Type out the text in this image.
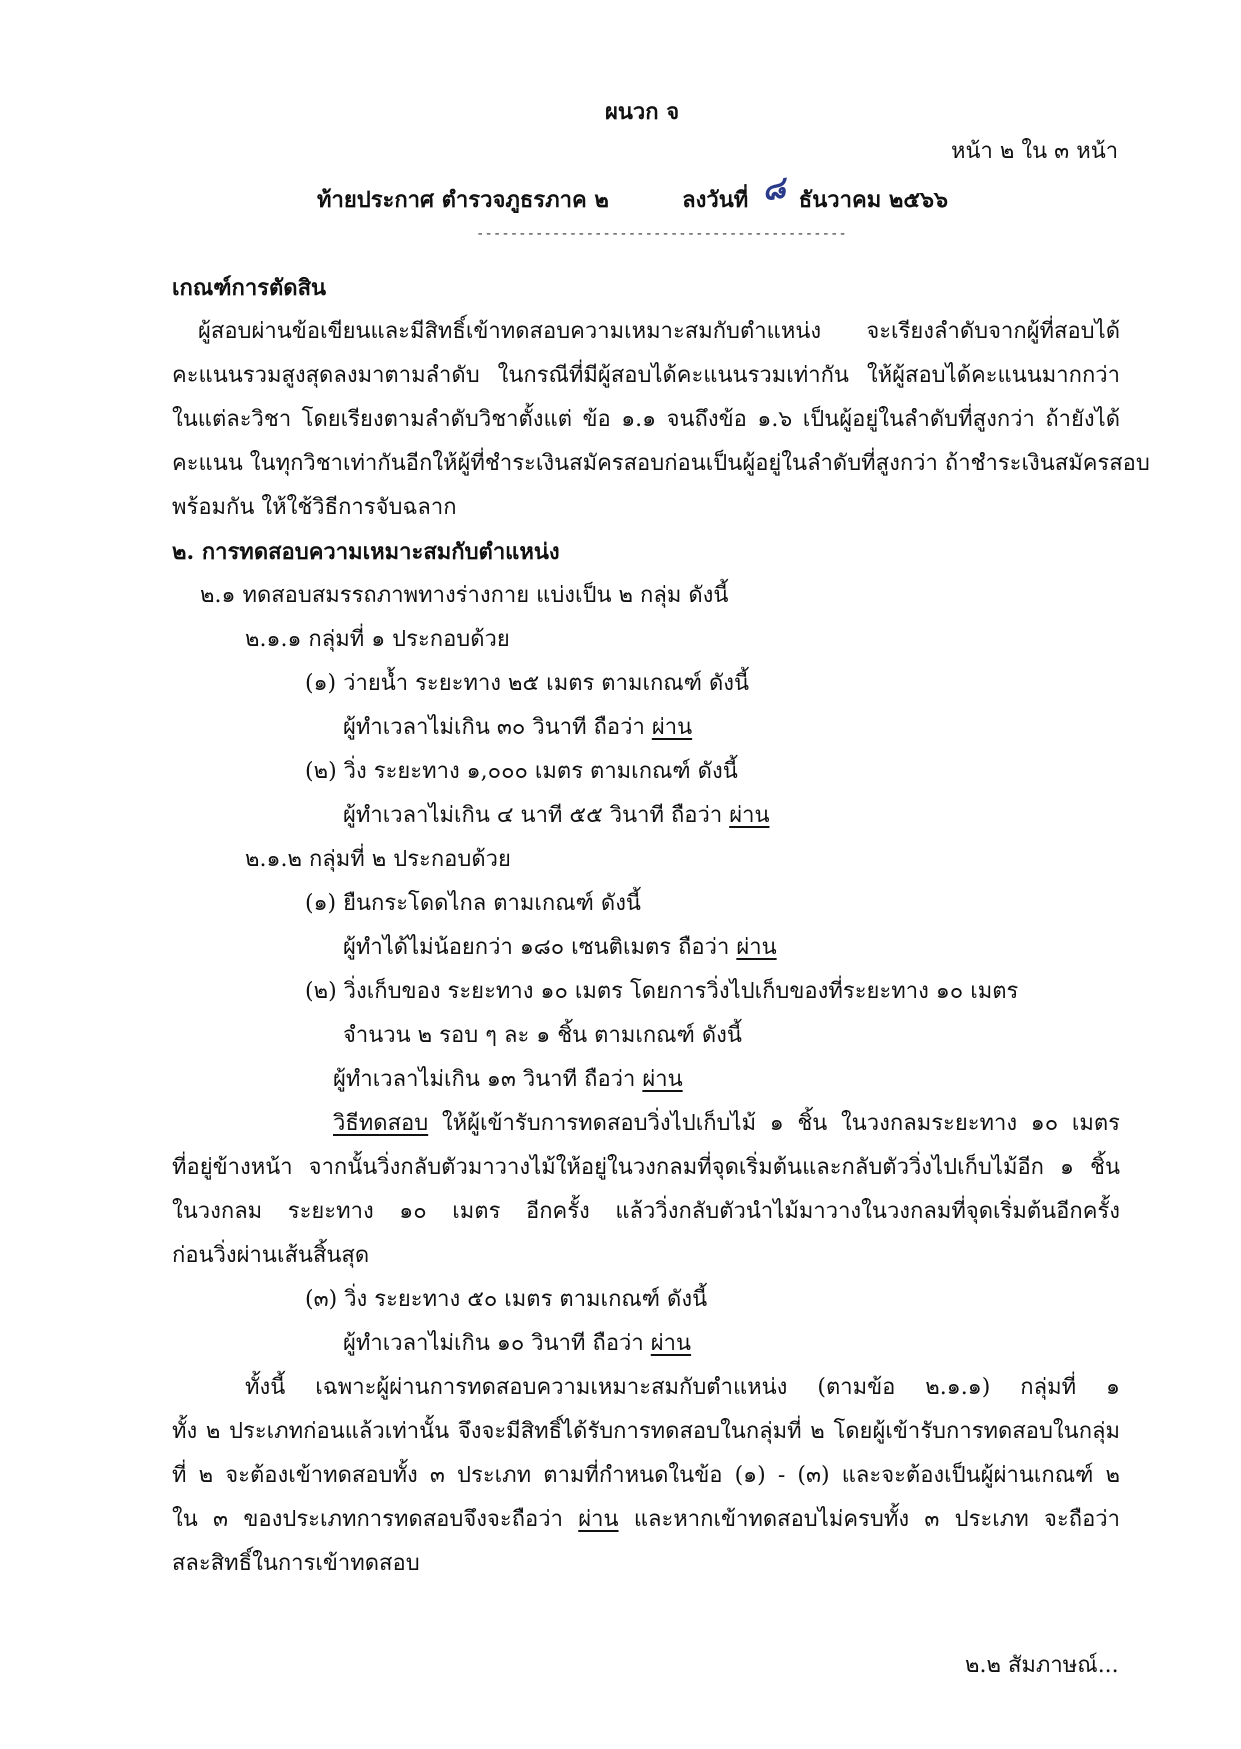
ผนวก จ
หน้า ๒ ใน ๓ หน้า
ท้ายประกาศ ตำรวจภูธรภาค ๒	ลงวันที่ ๘ ธันวาคม ๒๕๖๖
--------------------------------------------
เกณฑ์การตัดสิน
ผู้สอบผ่านข้อเขียนและมีสิทธิ์เข้าทดสอบความเหมาะสมกับตำแหน่ง จะเรียงลำดับจากผู้ที่สอบได้
คะแนนรวมสูงสุดลงมาตามลำดับ ในกรณีที่มีผู้สอบได้คะแนนรวมเท่ากัน ให้ผู้สอบได้คะแนนมากกว่า
ในแต่ละวิชา โดยเรียงตามลำดับวิชาตั้งแต่ ข้อ ๑.๑ จนถึงข้อ ๑.๖ เป็นผู้อยู่ในลำดับที่สูงกว่า ถ้ายังได้
คะแนน ในทุกวิชาเท่ากันอีกให้ผู้ที่ชำระเงินสมัครสอบก่อนเป็นผู้อยู่ในลำดับที่สูงกว่า ถ้าชำระเงินสมัครสอบ
พร้อมกัน ให้ใช้วิธีการจับฉลาก
๒. การทดสอบความเหมาะสมกับตำแหน่ง
๒.๑ ทดสอบสมรรถภาพทางร่างกาย แบ่งเป็น ๒ กลุ่ม ดังนี้
๒.๑.๑ กลุ่มที่ ๑ ประกอบด้วย
(๑) ว่ายน้ำ ระยะทาง ๒๕ เมตร ตามเกณฑ์ ดังนี้
ผู้ทำเวลาไม่เกิน ๓๐ วินาที ถือว่า ผ่าน
(๒) วิ่ง ระยะทาง ๑,๐๐๐ เมตร ตามเกณฑ์ ดังนี้
ผู้ทำเวลาไม่เกิน ๔ นาที ๕๕ วินาที ถือว่า ผ่าน
๒.๑.๒ กลุ่มที่ ๒ ประกอบด้วย
(๑) ยืนกระโดดไกล ตามเกณฑ์ ดังนี้
ผู้ทำได้ไม่น้อยกว่า ๑๘๐ เซนติเมตร ถือว่า ผ่าน
(๒) วิ่งเก็บของ ระยะทาง ๑๐ เมตร โดยการวิ่งไปเก็บของที่ระยะทาง ๑๐ เมตร
จำนวน ๒ รอบ ๆ ละ ๑ ชิ้น ตามเกณฑ์ ดังนี้
ผู้ทำเวลาไม่เกิน ๑๓ วินาที ถือว่า ผ่าน
วิธีทดสอบ ให้ผู้เข้ารับการทดสอบวิ่งไปเก็บไม้ ๑ ชิ้น ในวงกลมระยะทาง ๑๐ เมตร
ที่อยู่ข้างหน้า จากนั้นวิ่งกลับตัวมาวางไม้ให้อยู่ในวงกลมที่จุดเริ่มต้นและกลับตัววิ่งไปเก็บไม้อีก ๑ ชิ้น
ในวงกลม ระยะทาง ๑๐ เมตร อีกครั้ง แล้ววิ่งกลับตัวนำไม้มาวางในวงกลมที่จุดเริ่มต้นอีกครั้ง
ก่อนวิ่งผ่านเส้นสิ้นสุด
(๓) วิ่ง ระยะทาง ๕๐ เมตร ตามเกณฑ์ ดังนี้
ผู้ทำเวลาไม่เกิน ๑๐ วินาที ถือว่า ผ่าน
ทั้งนี้ เฉพาะผู้ผ่านการทดสอบความเหมาะสมกับตำแหน่ง (ตามข้อ ๒.๑.๑) กลุ่มที่ ๑
ทั้ง ๒ ประเภทก่อนแล้วเท่านั้น จึงจะมีสิทธิ์ได้รับการทดสอบในกลุ่มที่ ๒ โดยผู้เข้ารับการทดสอบในกลุ่ม
ที่ ๒ จะต้องเข้าทดสอบทั้ง ๓ ประเภท ตามที่กำหนดในข้อ (๑) - (๓) และจะต้องเป็นผู้ผ่านเกณฑ์ ๒
ใน ๓ ของประเภทการทดสอบจึงจะถือว่า ผ่าน และหากเข้าทดสอบไม่ครบทั้ง ๓ ประเภท จะถือว่า
สละสิทธิ์ในการเข้าทดสอบ
๒.๒ สัมภาษณ์...
